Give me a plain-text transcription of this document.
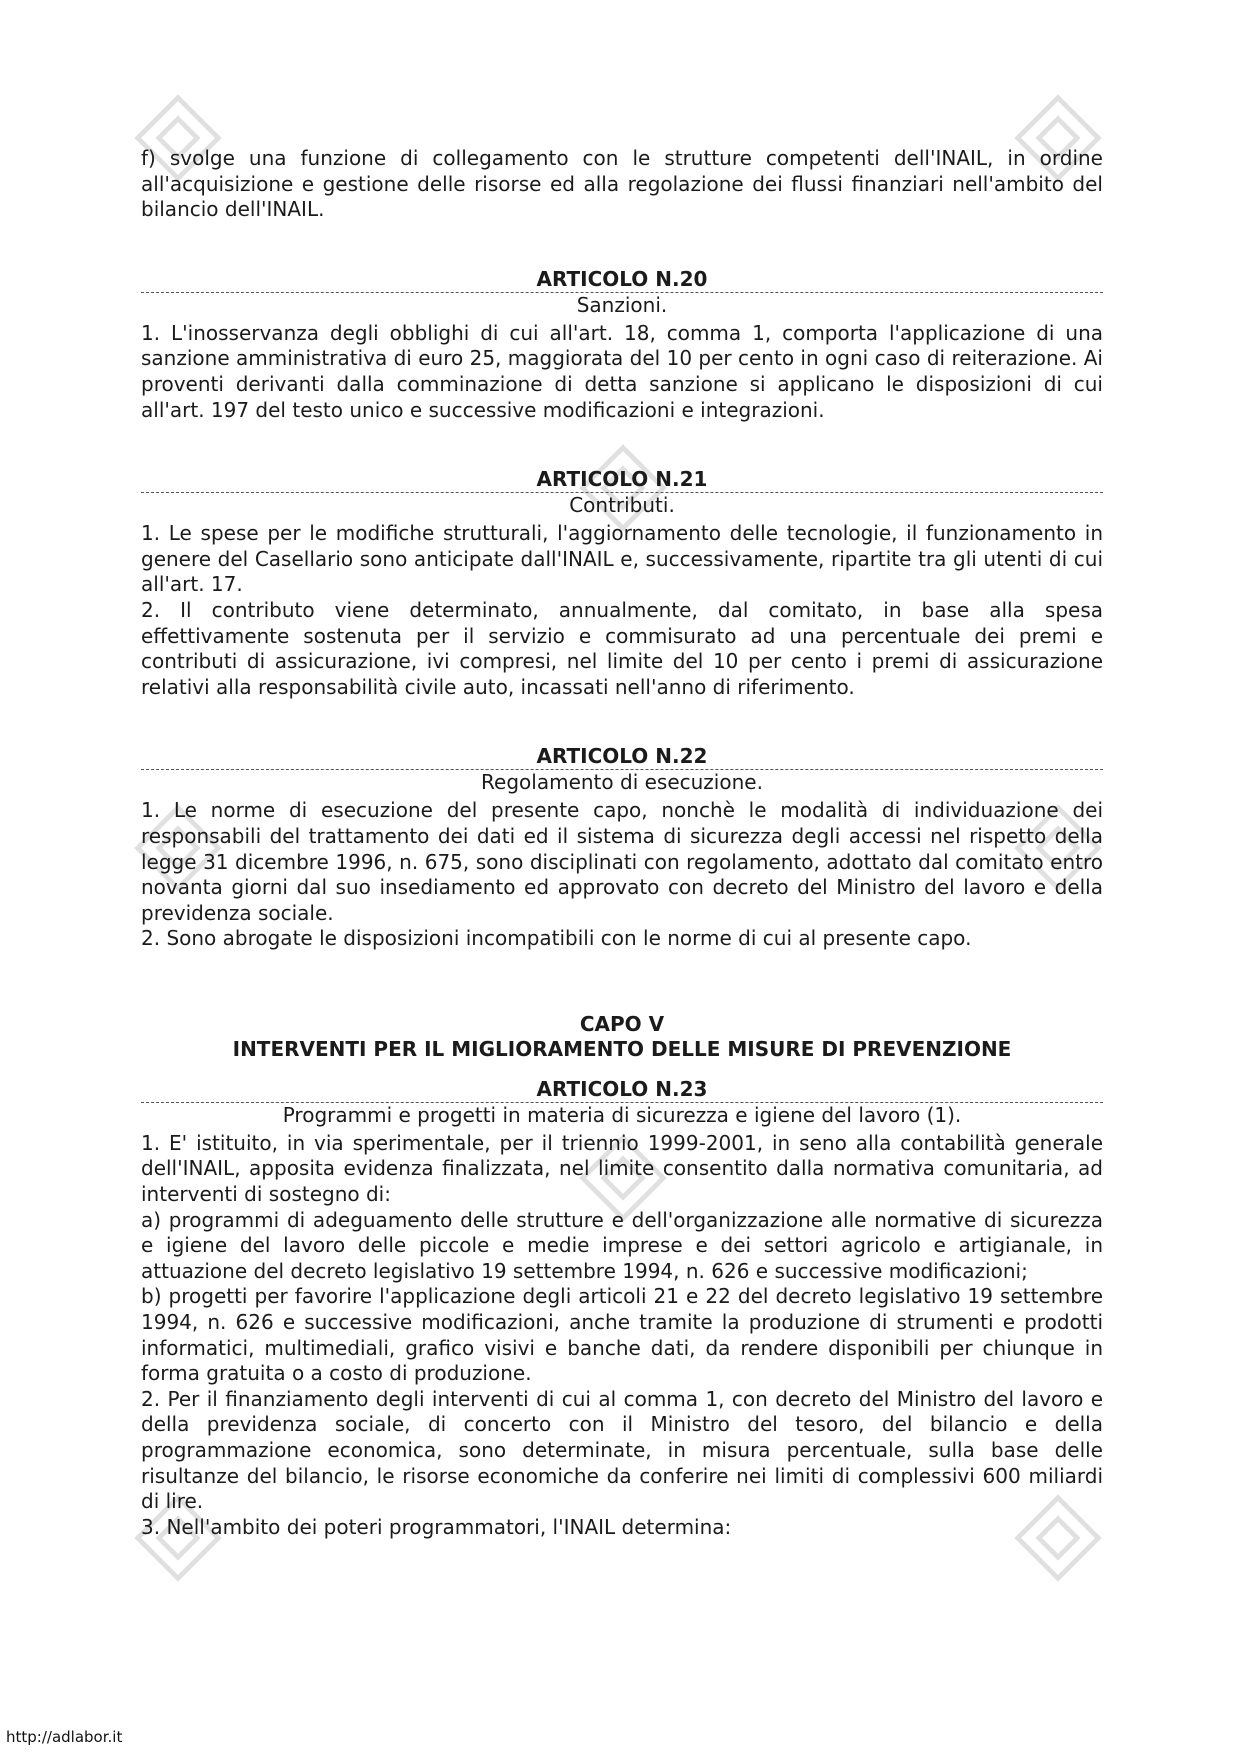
f) svolge una funzione di collegamento con le strutture competenti dell'INAIL, in ordine all'acquisizione e gestione delle risorse ed alla regolazione dei flussi finanziari nell'ambito del bilancio dell'INAIL.

ARTICOLO N.20
Sanzioni.

1. L'inosservanza degli obblighi di cui all'art. 18, comma 1, comporta l'applicazione di una sanzione amministrativa di euro 25, maggiorata del 10 per cento in ogni caso di reiterazione. Ai proventi derivanti dalla comminazione di detta sanzione si applicano le disposizioni di cui all'art. 197 del testo unico e successive modificazioni e integrazioni.

ARTICOLO N.21
Contributi.

1. Le spese per le modifiche strutturali, l'aggiornamento delle tecnologie, il funzionamento in genere del Casellario sono anticipate dall'INAIL e, successivamente, ripartite tra gli utenti di cui all'art. 17.

2. Il contributo viene determinato, annualmente, dal comitato, in base alla spesa effettivamente sostenuta per il servizio e commisurato ad una percentuale dei premi e contributi di assicurazione, ivi compresi, nel limite del 10 per cento i premi di assicurazione relativi alla responsabilità civile auto, incassati nell'anno di riferimento.

ARTICOLO N.22
Regolamento di esecuzione.

1. Le norme di esecuzione del presente capo, nonchè le modalità di individuazione dei responsabili del trattamento dei dati ed il sistema di sicurezza degli accessi nel rispetto della legge 31 dicembre 1996, n. 675, sono disciplinati con regolamento, adottato dal comitato entro novanta giorni dal suo insediamento ed approvato con decreto del Ministro del lavoro e della previdenza sociale.

2. Sono abrogate le disposizioni incompatibili con le norme di cui al presente capo.

CAPO V
INTERVENTI PER IL MIGLIORAMENTO DELLE MISURE DI PREVENZIONE
ARTICOLO N.23
Programmi e progetti in materia di sicurezza e igiene del lavoro (1).

1. E' istituito, in via sperimentale, per il triennio 1999-2001, in seno alla contabilità generale dell'INAIL, apposita evidenza finalizzata, nel limite consentito dalla normativa comunitaria, ad interventi di sostegno di:

a) programmi di adeguamento delle strutture e dell'organizzazione alle normative di sicurezza e igiene del lavoro delle piccole e medie imprese e dei settori agricolo e artigianale, in attuazione del decreto legislativo 19 settembre 1994, n. 626 e successive modificazioni;

b) progetti per favorire l'applicazione degli articoli 21 e 22 del decreto legislativo 19 settembre 1994, n. 626 e successive modificazioni, anche tramite la produzione di strumenti e prodotti informatici, multimediali, grafico visivi e banche dati, da rendere disponibili per chiunque in forma gratuita o a costo di produzione.

2. Per il finanziamento degli interventi di cui al comma 1, con decreto del Ministro del lavoro e della previdenza sociale, di concerto con il Ministro del tesoro, del bilancio e della programmazione economica, sono determinate, in misura percentuale, sulla base delle risultanze del bilancio, le risorse economiche da conferire nei limiti di complessivi 600 miliardi di lire.

3. Nell'ambito dei poteri programmatori, l'INAIL determina:

http://adlabor.it
